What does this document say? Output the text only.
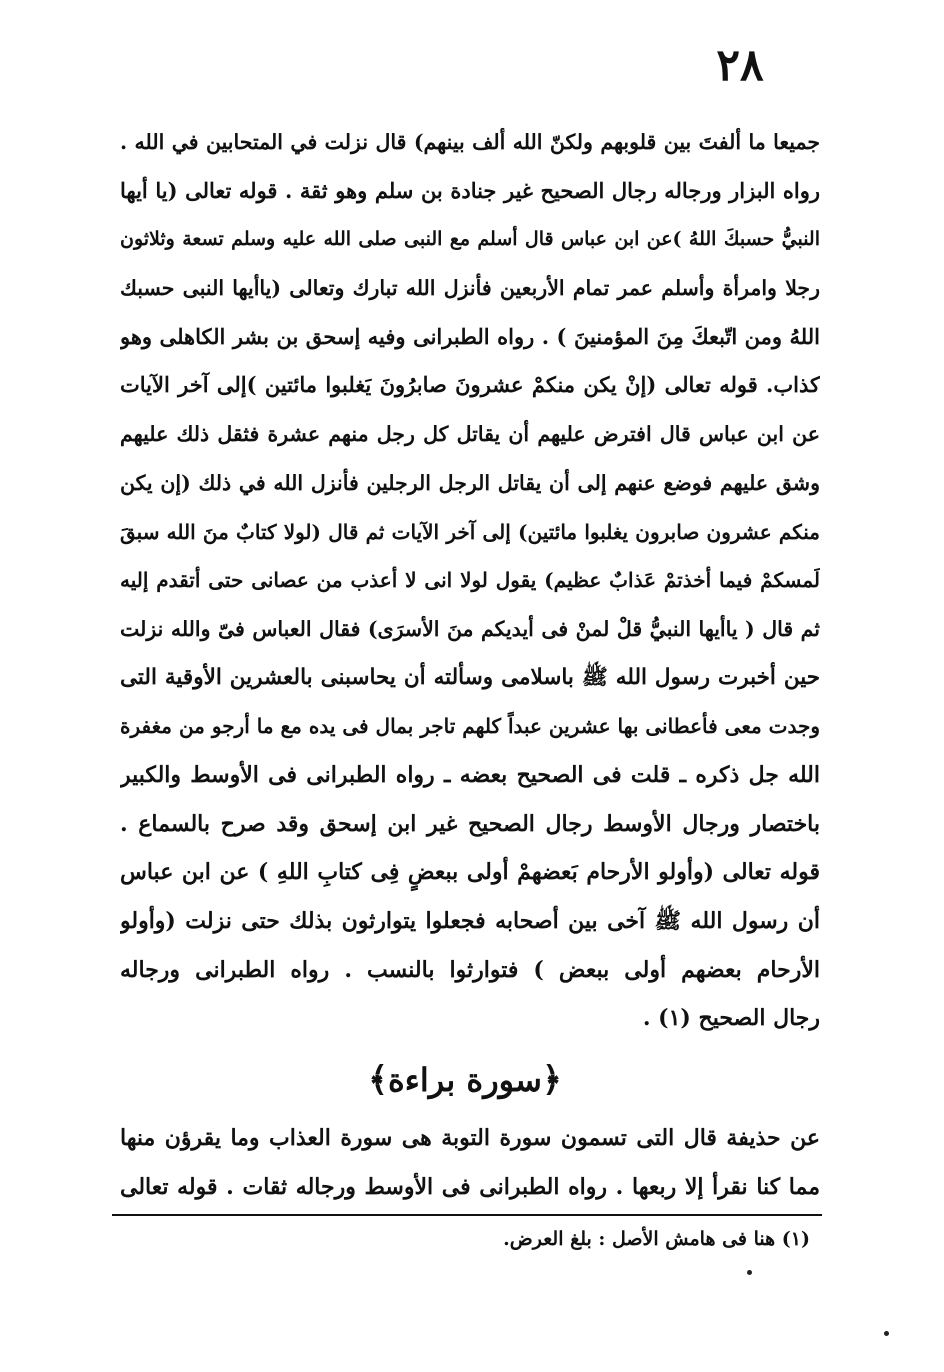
٢٨
جميعا ما ألفتَ بين قلوبهم ولكنّ الله ألف بينهم) قال نزلت في المتحابين في الله .
رواه البزار ورجاله رجال الصحيح غير جنادة بن سلم وهو ثقة . قوله تعالى (يا أيها
النبيُّ حسبكَ اللهُ )عن ابن عباس قال أسلم مع النبى صلى الله عليه وسلم تسعة وثلاثون
رجلا وامرأة وأسلم عمر تمام الأربعين فأنزل الله تبارك وتعالى (ياأيها النبى حسبك
اللهُ ومن اتّبعكَ مِنَ المؤمنينَ ) . رواه الطبرانى وفيه إسحق بن بشر الكاهلى وهو
كذاب. قوله تعالى (إنْ يكن منكمْ عشرونَ صابرُونَ يَغلبوا مائتين )إلى آخر الآيات
عن ابن عباس قال افترض عليهم أن يقاتل كل رجل منهم عشرة فثقل ذلك عليهم
وشق عليهم فوضع عنهم إلى أن يقاتل الرجل الرجلين فأنزل الله في ذلك (إن يكن
منكم عشرون صابرون يغلبوا مائتين) إلى آخر الآيات ثم قال (لولا كتابٌ منَ الله سبقَ
لَمسكمْ فيما أخذتمْ عَذابٌ عظيم) يقول لولا انى لا أعذب من عصانى حتى أتقدم إليه
ثم قال ( ياأيها النبيُّ قلْ لمنْ فى أيديكم منَ الأسرَى) فقال العباس فىّ والله نزلت
حين أخبرت رسول الله ﷺ باسلامى وسألته أن يحاسبنى بالعشرين الأوقية التى
وجدت معى فأعطانى بها عشرين عبداً كلهم تاجر بمال فى يده مع ما أرجو من مغفرة
الله جل ذكره ـ قلت فى الصحيح بعضه ـ رواه الطبرانى فى الأوسط والكبير
باختصار ورجال الأوسط رجال الصحيح غير ابن إسحق وقد صرح بالسماع .
قوله تعالى (وأولو الأرحام بَعضهمْ أولى ببعضٍ فِى كتابِ اللهِ ) عن ابن عباس
أن رسول الله ﷺ آخى بين أصحابه فجعلوا يتوارثون بذلك حتى نزلت (وأولو
الأرحام بعضهم أولى ببعض ) فتوارثوا بالنسب . رواه الطبرانى ورجاله
رجال الصحيح (١) .
﴿سورة براءة﴾
عن حذيفة قال التى تسمون سورة التوبة هى سورة العذاب وما يقرؤن منها
مما كنا نقرأ إلا ربعها . رواه الطبرانى فى الأوسط ورجاله ثقات . قوله تعالى
(١) هنا فى هامش الأصل : بلغ العرض.
